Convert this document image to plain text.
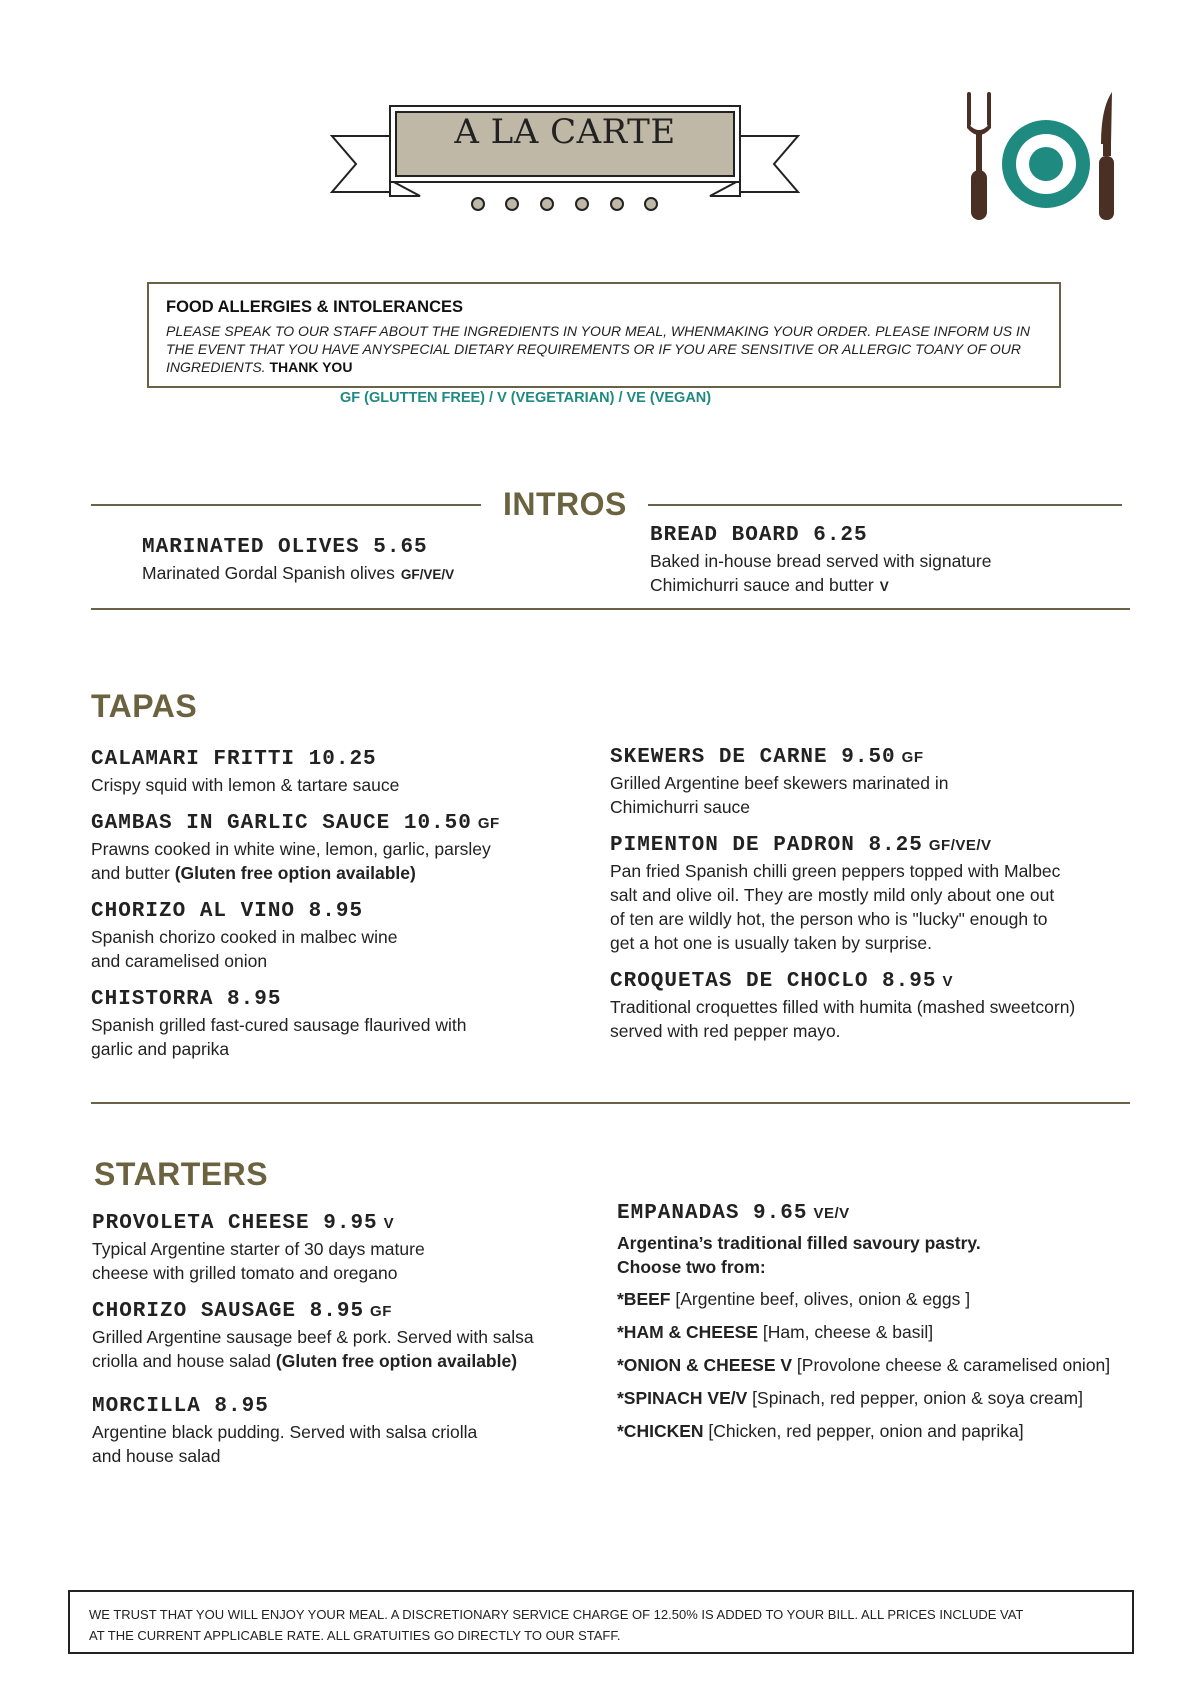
A LA CARTE
FOOD ALLERGIES & INTOLERANCES
PLEASE SPEAK TO OUR STAFF ABOUT THE INGREDIENTS IN YOUR MEAL, WHENMAKING YOUR ORDER. PLEASE INFORM US IN THE EVENT THAT YOU HAVE ANYSPECIAL DIETARY REQUIREMENTS OR IF YOU ARE SENSITIVE OR ALLERGIC TOANY OF OUR INGREDIENTS. THANK YOU
GF (GLUTTEN FREE) / V (VEGETARIAN) / VE (VEGAN)
INTROS
MARINATED OLIVES 5.65
Marinated Gordal Spanish olives GF/VE/V
BREAD BOARD 6.25
Baked in-house bread served with signature
Chimichurri sauce and butter V
TAPAS
CALAMARI FRITTI 10.25
Crispy squid with lemon & tartare sauce
GAMBAS IN GARLIC SAUCE 10.50 GF
Prawns cooked in white wine, lemon, garlic, parsley
and butter (Gluten free option available)
CHORIZO AL VINO 8.95
Spanish chorizo cooked in malbec wine
and caramelised onion
CHISTORRA 8.95
Spanish grilled fast-cured sausage flaurived with
garlic and paprika
SKEWERS DE CARNE 9.50 GF
Grilled Argentine beef skewers marinated in
Chimichurri sauce
PIMENTON DE PADRON 8.25 GF/VE/V
Pan fried Spanish chilli green peppers topped with Malbec
salt and olive oil. They are mostly mild only about one out
of ten are wildly hot, the person who is "lucky" enough to
get a hot one is usually taken by surprise.
CROQUETAS DE CHOCLO 8.95 V
Traditional croquettes filled with humita (mashed sweetcorn)
served with red pepper mayo.
STARTERS
PROVOLETA CHEESE 9.95 V
Typical Argentine starter of 30 days mature
cheese with grilled tomato and oregano
CHORIZO SAUSAGE 8.95 GF
Grilled Argentine sausage beef & pork. Served with salsa
criolla and house salad (Gluten free option available)
MORCILLA 8.95
Argentine black pudding. Served with salsa criolla
and house salad
EMPANADAS 9.65 VE/V
Argentina’s traditional filled savoury pastry.
Choose two from:
*BEEF [Argentine beef, olives, onion & eggs ]
*HAM & CHEESE [Ham, cheese & basil]
*ONION & CHEESE V [Provolone cheese & caramelised onion]
*SPINACH VE/V [Spinach, red pepper, onion & soya cream]
*CHICKEN [Chicken, red pepper, onion and paprika]
WE TRUST THAT YOU WILL ENJOY YOUR MEAL. A DISCRETIONARY SERVICE CHARGE OF 12.50% IS ADDED TO YOUR BILL. ALL PRICES INCLUDE VAT
AT THE CURRENT APPLICABLE RATE. ALL GRATUITIES GO DIRECTLY TO OUR STAFF.
